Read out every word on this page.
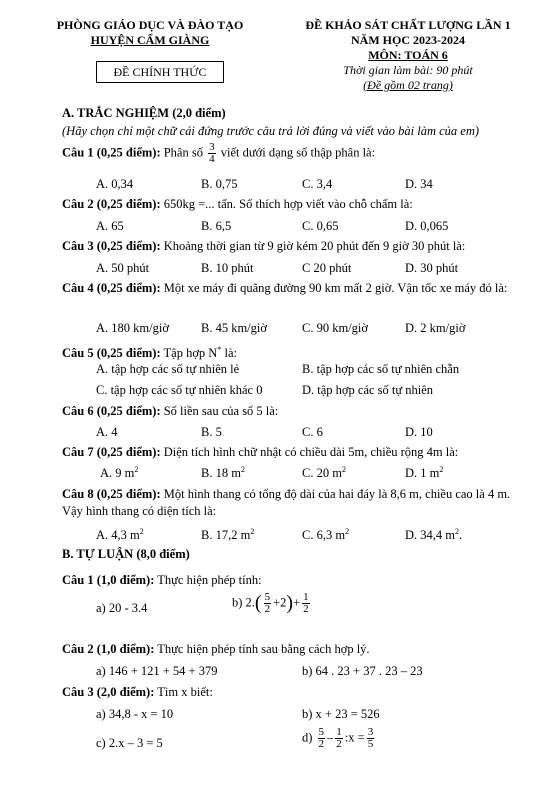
PHÒNG GIÁO DỤC VÀ ĐÀO TẠO
HUYỆN CẨM GIÀNG
ĐỀ KHẢO SÁT CHẤT LƯỢNG LẦN 1
NĂM HỌC 2023-2024
MÔN: TOÁN 6
Thời gian làm bài: 90 phút
(Đề gồm 02 trang)
ĐỀ CHÍNH THỨC
A. TRẮC NGHIỆM (2,0 điểm)
(Hãy chọn chỉ một chữ cái đứng trước câu trả lời đúng và viết vào bài làm của em)
Câu 1 (0,25 điểm): Phân số $\frac{3}{4}$ viết dưới dạng số thập phân là:
A. 0,34	B. 0,75	C. 3,4	D. 34
Câu 2 (0,25 điểm): 650kg =... tấn. Số thích hợp viết vào chỗ chấm là:
A. 65	B. 6,5	C. 0,65	D. 0,065
Câu 3 (0,25 điểm): Khoảng thời gian từ 9 giờ kém 20 phút đến 9 giờ 30 phút là:
A. 50 phút	B. 10 phút	C 20 phút	D. 30 phút
Câu 4 (0,25 điểm): Một xe máy đi quãng đường 90 km mất 2 giờ. Vận tốc xe máy đó là:
A. 180 km/giờ	B. 45 km/giờ	C. 90 km/giờ	D. 2 km/giờ
Câu 5 (0,25 điểm): Tập hợp N* là:
A. tập hợp các số tự nhiên lẻ	B. tập hợp các số tự nhiên chẵn
C. tập hợp các số tự nhiên khác 0	D. tập hợp các số tự nhiên
Câu 6 (0,25 điểm): Số liền sau của số 5 là:
A. 4	B. 5	C. 6	D. 10
Câu 7 (0,25 điểm): Diện tích hình chữ nhật có chiều dài 5m, chiều rộng 4m là:
A. 9 $m^2$	B. 18 $m^2$	C. 20 $m^2$	D. 1 $m^2$
Câu 8 (0,25 điểm): Một hình thang có tổng độ dài của hai đáy là 8,6 m, chiều cao là 4 m. Vậy hình thang có diện tích là:
A. 4,3 $m^2$	B. 17,2 $m^2$	C. 6,3 $m^2$	D. 34,4 $m^2$.
B. TỰ LUẬN (8,0 điểm)
Câu 1 (1,0 điểm): Thực hiện phép tính:
a) 20 - 3.4	b) $2.( \frac{5}{2} +2)+ \frac{1}{2}$
Câu 2 (1,0 điểm): Thực hiện phép tính sau bằng cách hợp lý.
a) 146 + 121 + 54 + 379	b) 64 . 23 + 37 . 23 – 23
Câu 3 (2,0 điểm): Tìm x biết:
a) 34,8 - x = 10	b) x + 23 = 526
c) 2.x – 3 = 5	$d) \frac{5}{2} - \frac{1}{2}$ :x = $\frac{3}{5}$
